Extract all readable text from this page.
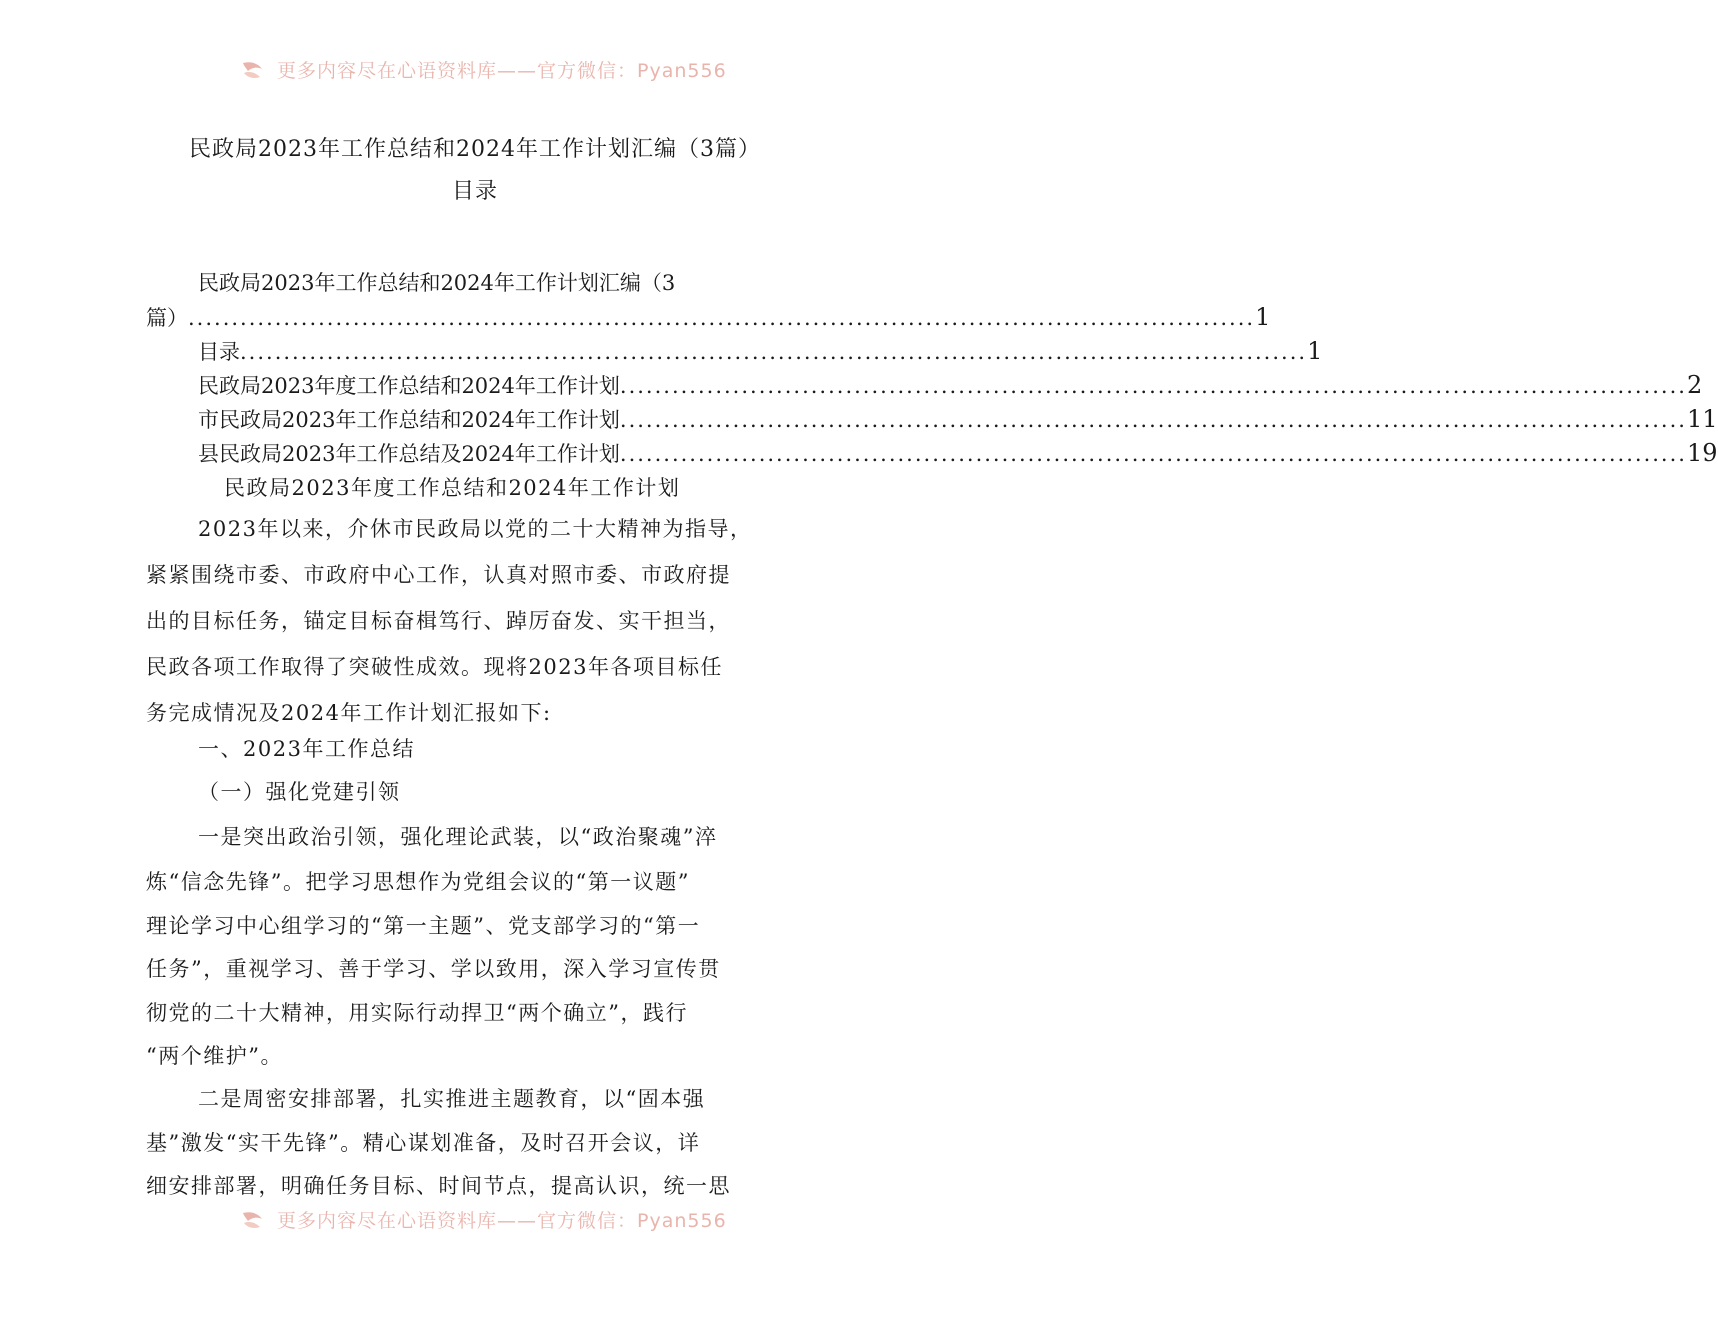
更多内容尽在心语资料库——官方微信：Pyan556
民政局2023年工作总结和2024年工作计划汇编（3篇）
目录
民政局2023年工作总结和2024年工作计划汇编（3
篇） ........................................................................................................................... 1
目录 ........................................................................................................................... 1
民政局2023年度工作总结和2024年工作计划 ........................................................................................................................... 2
市民政局2023年工作总结和2024年工作计划 ........................................................................................................................... 11
县民政局2023年工作总结及2024年工作计划 ........................................................................................................................... 19
民政局2023年度工作总结和2024年工作计划
2023年以来，介休市民政局以党的二十大精神为指导，
紧紧围绕市委、市政府中心工作，认真对照市委、市政府提
出的目标任务，锚定目标奋楫笃行、踔厉奋发、实干担当，
民政各项工作取得了突破性成效。现将2023年各项目标任
务完成情况及2024年工作计划汇报如下:
一、2023年工作总结
（一）强化党建引领
一是突出政治引领，强化理论武装，以“政治聚魂”淬
炼“信念先锋”。把学习思想作为党组会议的“第一议题”
理论学习中心组学习的“第一主题”、党支部学习的“第一
任务”，重视学习、善于学习、学以致用，深入学习宣传贯
彻党的二十大精神，用实际行动捍卫“两个确立”，践行
“两个维护”。
二是周密安排部署，扎实推进主题教育，以“固本强
基”激发“实干先锋”。精心谋划准备，及时召开会议，详
细安排部署，明确任务目标、时间节点，提高认识，统一思
更多内容尽在心语资料库——官方微信：Pyan556
